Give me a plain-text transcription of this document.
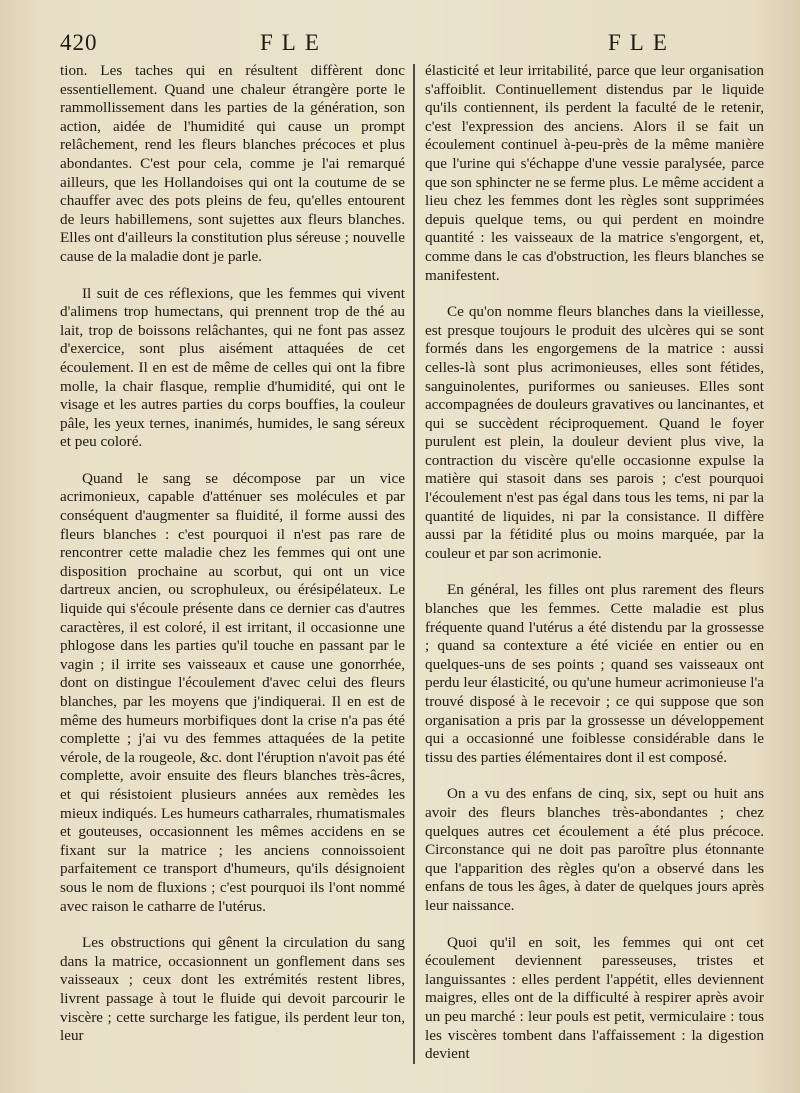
420	FLE	FLE

tion. Les taches qui en résultent diffèrent donc essentiellement. Quand une chaleur étrangère porte le rammollissement dans les parties de la génération, son action, aidée de l'humidité qui cause un prompt relâchement, rend les fleurs blanches précoces et plus abondantes. C'est pour cela, comme je l'ai remarqué ailleurs, que les Hollandoises qui ont la coutume de se chauffer avec des pots pleins de feu, qu'elles entourent de leurs habillemens, sont sujettes aux fleurs blanches. Elles ont d'ailleurs la constitution plus séreuse ; nouvelle cause de la maladie dont je parle.

Il suit de ces réflexions, que les femmes qui vivent d'alimens trop humectans, qui prennent trop de thé au lait, trop de boissons relâchantes, qui ne font pas assez d'exercice, sont plus aisément attaquées de cet écoulement. Il en est de même de celles qui ont la fibre molle, la chair flasque, remplie d'humidité, qui ont le visage et les autres parties du corps bouffies, la couleur pâle, les yeux ternes, inanimés, humides, le sang séreux et peu coloré.

Quand le sang se décompose par un vice acrimonieux, capable d'atténuer ses molécules et par conséquent d'augmenter sa fluidité, il forme aussi des fleurs blanches : c'est pourquoi il n'est pas rare de rencontrer cette maladie chez les femmes qui ont une disposition prochaine au scorbut, qui ont un vice dartreux ancien, ou scrophuleux, ou érésipélateux. Le liquide qui s'écoule présente dans ce dernier cas d'autres caractères, il est coloré, il est irritant, il occasionne une phlogose dans les parties qu'il touche en passant par le vagin ; il irrite ses vaisseaux et cause une gonorrhée, dont on distingue l'écoulement d'avec celui des fleurs blanches, par les moyens que j'indiquerai. Il en est de même des humeurs morbifiques dont la crise n'a pas été complette ; j'ai vu des femmes attaquées de la petite vérole, de la rougeole, &c. dont l'éruption n'avoit pas été complette, avoir ensuite des fleurs blanches très-âcres, et qui résistoient plusieurs années aux remèdes les mieux indiqués. Les humeurs catharrales, rhumatismales et gouteuses, occasionnent les mêmes accidens en se fixant sur la matrice ; les anciens connoissoient parfaitement ce transport d'humeurs, qu'ils désignoient sous le nom de fluxions ; c'est pourquoi ils l'ont nommé avec raison le catharre de l'utérus.

Les obstructions qui gênent la circulation du sang dans la matrice, occasionnent un gonflement dans ses vaisseaux ; ceux dont les extrémités restent libres, livrent passage à tout le fluide qui devoit parcourir le viscère ; cette surcharge les fatigue, ils perdent leur ton, leur

élasticité et leur irritabilité, parce que leur organisation s'affoiblit. Continuellement distendus par le liquide qu'ils contiennent, ils perdent la faculté de le retenir, c'est l'expression des anciens. Alors il se fait un écoulement continuel à-peu-près de la même manière que l'urine qui s'échappe d'une vessie paralysée, parce que son sphincter ne se ferme plus. Le même accident a lieu chez les femmes dont les règles sont supprimées depuis quelque tems, ou qui perdent en moindre quantité : les vaisseaux de la matrice s'engorgent, et, comme dans le cas d'obstruction, les fleurs blanches se manifestent.

Ce qu'on nomme fleurs blanches dans la vieillesse, est presque toujours le produit des ulcères qui se sont formés dans les engorgemens de la matrice : aussi celles-là sont plus acrimonieuses, elles sont fétides, sanguinolentes, puriformes ou sanieuses. Elles sont accompagnées de douleurs gravatives ou lancinantes, et qui se succèdent réciproquement. Quand le foyer purulent est plein, la douleur devient plus vive, la contraction du viscère qu'elle occasionne expulse la matière qui stasoit dans ses parois ; c'est pourquoi l'écoulement n'est pas égal dans tous les tems, ni par la quantité de liquides, ni par la consistance. Il diffère aussi par la fétidité plus ou moins marquée, par la couleur et par son acrimonie.

En général, les filles ont plus rarement des fleurs blanches que les femmes. Cette maladie est plus fréquente quand l'utérus a été distendu par la grossesse ; quand sa contexture a été viciée en entier ou en quelques-uns de ses points ; quand ses vaisseaux ont perdu leur élasticité, ou qu'une humeur acrimonieuse l'a trouvé disposé à le recevoir ; ce qui suppose que son organisation a pris par la grossesse un développement qui a occasionné une foiblesse considérable dans le tissu des parties élémentaires dont il est composé.

On a vu des enfans de cinq, six, sept ou huit ans avoir des fleurs blanches très-abondantes ; chez quelques autres cet écoulement a été plus précoce. Circonstance qui ne doit pas paroître plus étonnante que l'apparition des règles qu'on a observé dans les enfans de tous les âges, à dater de quelques jours après leur naissance.

Quoi qu'il en soit, les femmes qui ont cet écoulement deviennent paresseuses, tristes et languissantes : elles perdent l'appétit, elles deviennent maigres, elles ont de la difficulté à respirer après avoir un peu marché : leur pouls est petit, vermiculaire : tous les viscères tombent dans l'affaissement : la digestion devient
